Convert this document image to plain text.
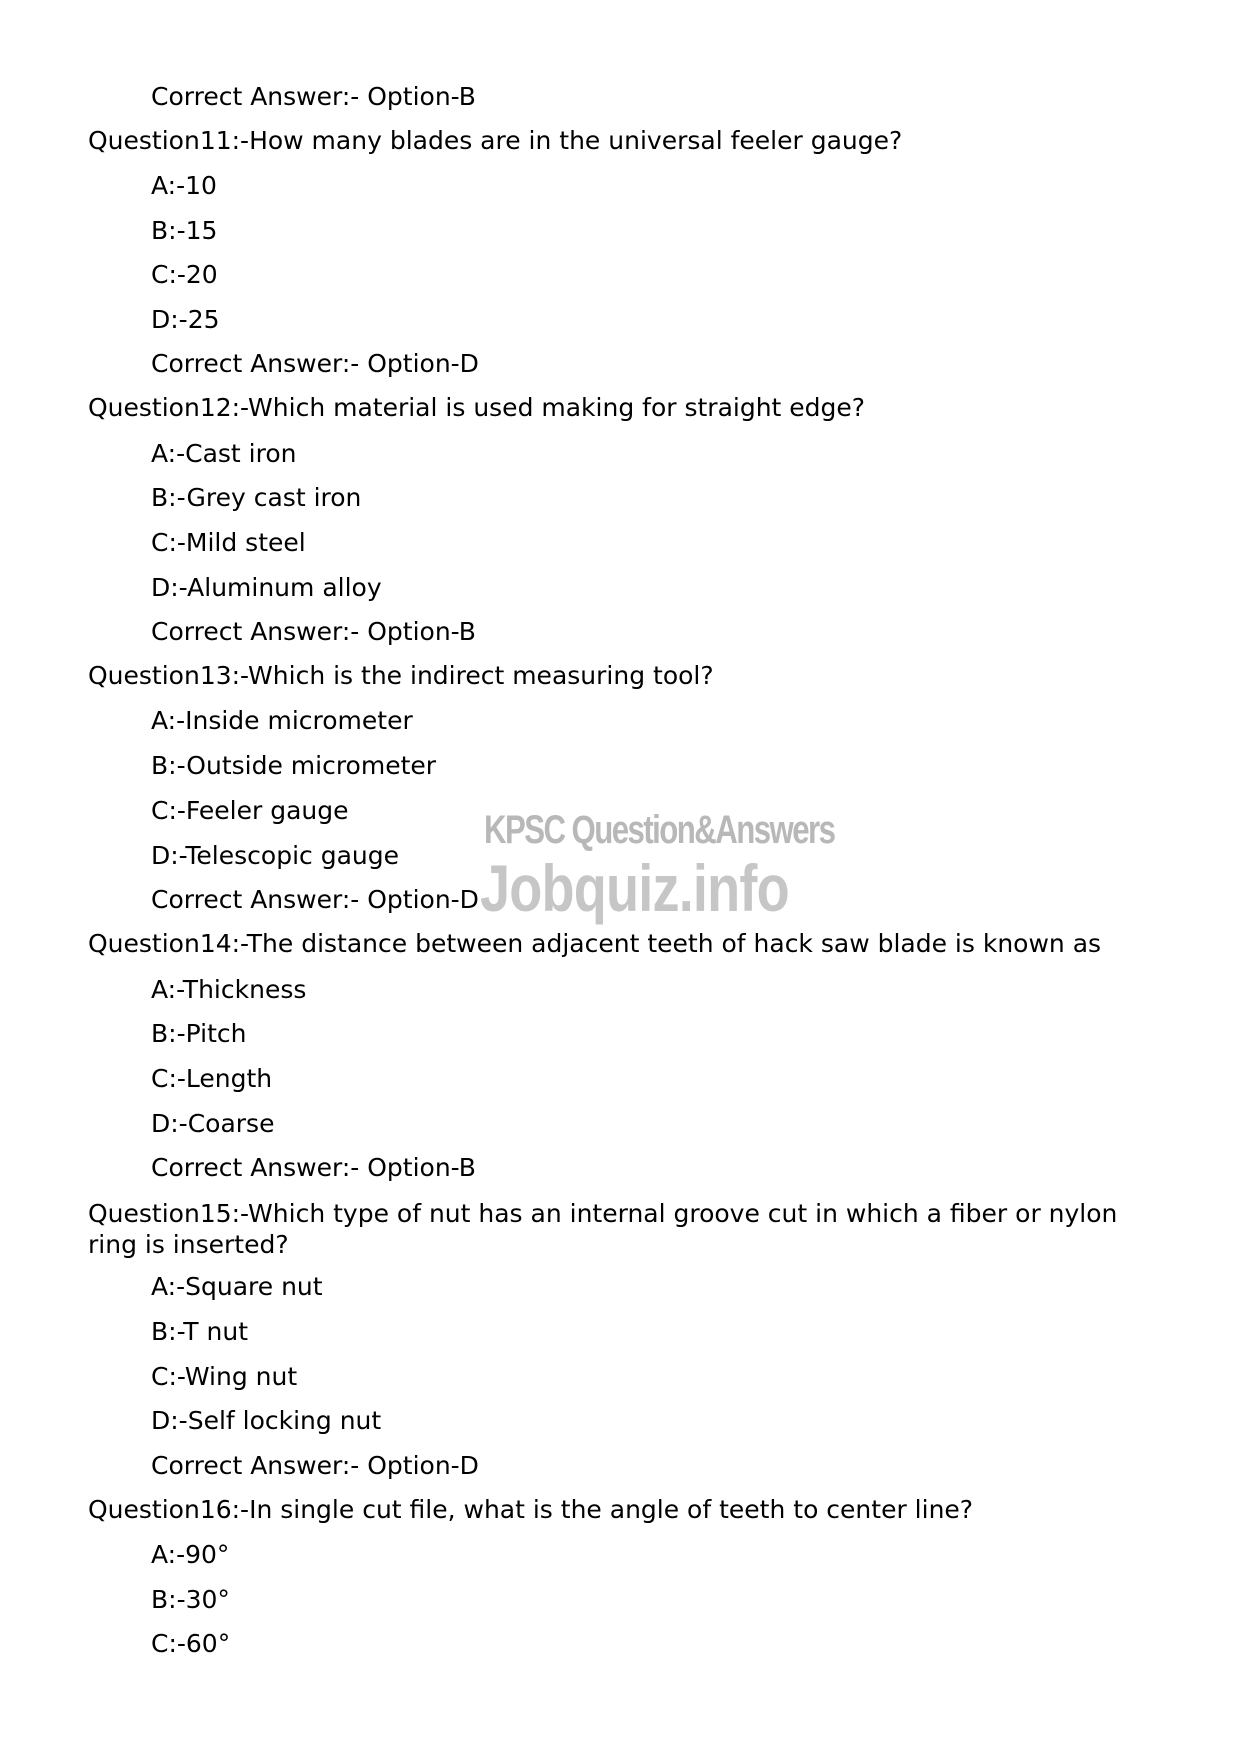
Correct Answer:- Option-B
Question11:-How many blades are in the universal feeler gauge?
A:-10
B:-15
C:-20
D:-25
Correct Answer:- Option-D
Question12:-Which material is used making for straight edge?
A:-Cast iron
B:-Grey cast iron
C:-Mild steel
D:-Aluminum alloy
Correct Answer:- Option-B
Question13:-Which is the indirect measuring tool?
A:-Inside micrometer
B:-Outside micrometer
C:-Feeler gauge
D:-Telescopic gauge
Correct Answer:- Option-D
Question14:-The distance between adjacent teeth of hack saw blade is known as
A:-Thickness
B:-Pitch
C:-Length
D:-Coarse
Correct Answer:- Option-B
Question15:-Which type of nut has an internal groove cut in which a fiber or nylon ring is inserted?
A:-Square nut
B:-T nut
C:-Wing nut
D:-Self locking nut
Correct Answer:- Option-D
Question16:-In single cut file, what is the angle of teeth to center line?
A:-90°
B:-30°
C:-60°
KPSC Question&Answers
Jobquiz.info
